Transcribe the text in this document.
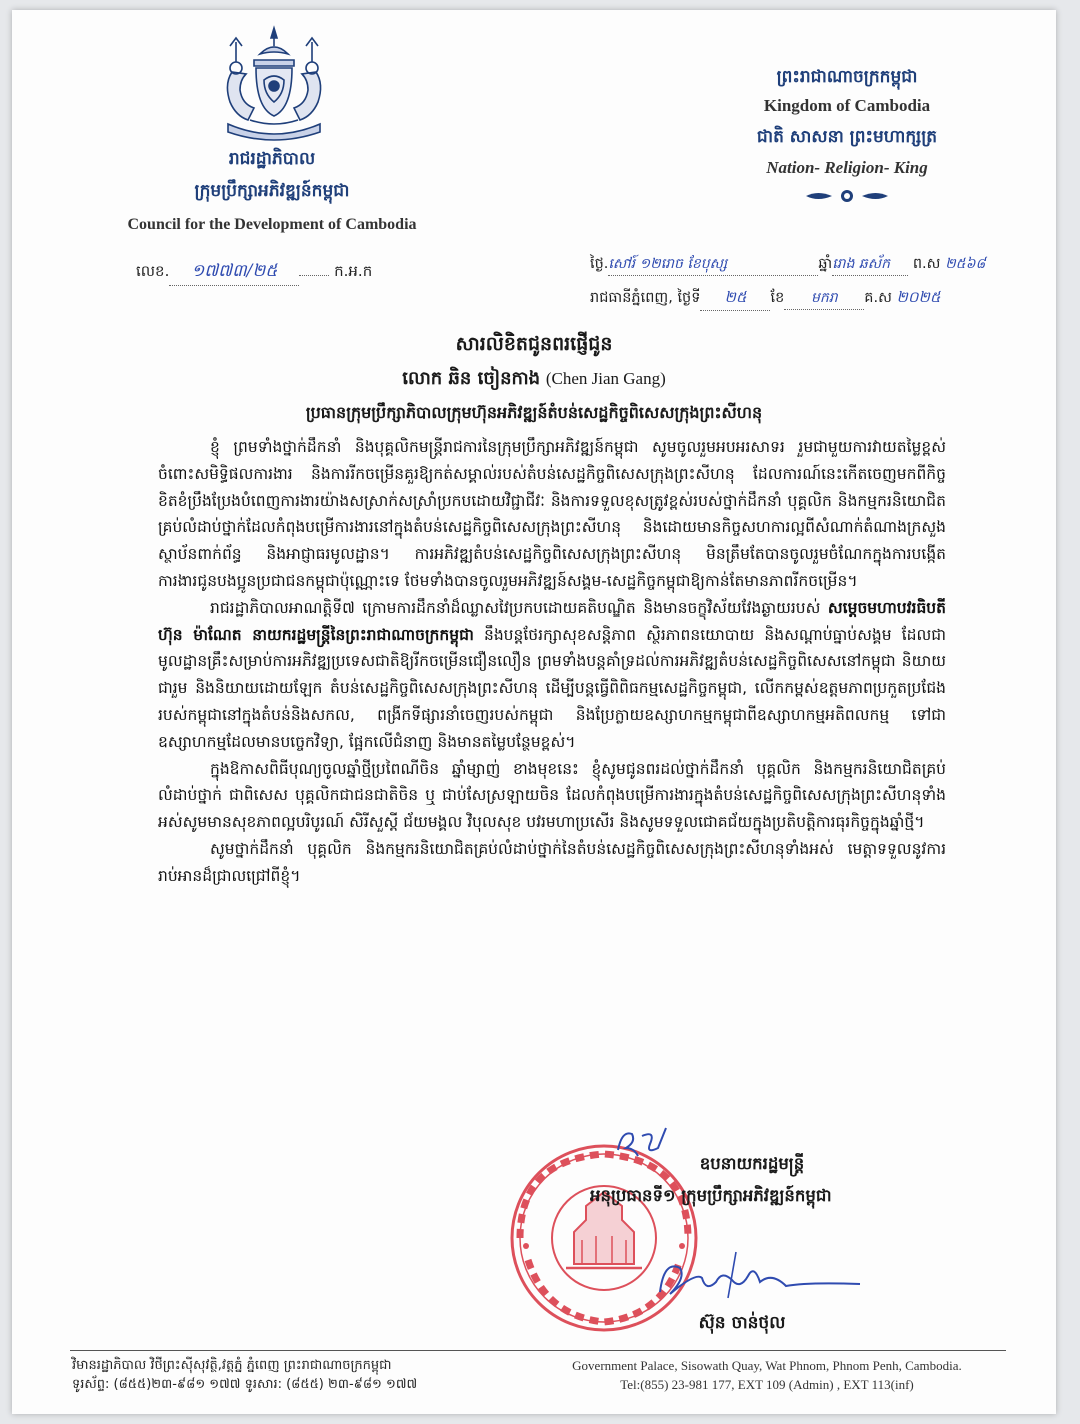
រាជរដ្ឋាភិបាល
ក្រុមប្រឹក្សាអភិវឌ្ឍន៍កម្ពុជា
Council for the Development of Cambodia
លេខ. ១៧៧៣/២៥	ក.អ.ក
ព្រះរាជាណាចក្រកម្ពុជា
Kingdom of Cambodia
ជាតិ សាសនា ព្រះមហាក្សត្រ
Nation- Religion- King
ថ្ងៃ.សៅរ៍ ១២រោច ខែបុស្ស	ឆ្នាំរោង ឆស័ក ព.ស ២៥៦៨
រាជធានីភ្នំពេញ, ថ្ងៃទី ២៥ ខែ មករា គ.ស ២០២៥
សារលិខិតជូនពរផ្ញើជូន
លោក ឆិន ចៀនកាង (Chen Jian Gang)
ប្រធានក្រុមប្រឹក្សាភិបាលក្រុមហ៊ុនអភិវឌ្ឍន៍តំបន់សេដ្ឋកិច្ចពិសេសក្រុងព្រះសីហនុ

ខ្ញុំ ព្រមទាំងថ្នាក់ដឹកនាំ និងបុគ្គលិកមន្ត្រីរាជការនៃក្រុមប្រឹក្សាអភិវឌ្ឍន៍កម្ពុជា សូមចូលរួមអបអរសាទរ រួមជាមួយការវាយតម្លៃខ្ពស់ចំពោះសមិទ្ធិផលការងារ និងការរីកចម្រើនគួរឱ្យកត់សម្គាល់របស់តំបន់សេដ្ឋកិច្ចពិសេសក្រុងព្រះសីហនុ ដែលការណ៍នេះកើតចេញមកពីកិច្ចខិតខំប្រឹងប្រែងបំពេញការងារយ៉ាងសស្រាក់សស្រាំប្រកបដោយវិជ្ជាជីវៈ និងការទទួលខុសត្រូវខ្ពស់របស់ថ្នាក់ដឹកនាំ បុគ្គលិក និងកម្មករនិយោជិតគ្រប់លំដាប់ថ្នាក់ដែលកំពុងបម្រើការងារនៅក្នុងតំបន់សេដ្ឋកិច្ចពិសេសក្រុងព្រះសីហនុ និងដោយមានកិច្ចសហការល្អពីសំណាក់តំណាងក្រសួង ស្ថាប័នពាក់ព័ន្ធ និងអាជ្ញាធរមូលដ្ឋាន។ ការអភិវឌ្ឍតំបន់សេដ្ឋកិច្ចពិសេសក្រុងព្រះសីហនុ មិនត្រឹមតែបានចូលរួមចំណែកក្នុងការបង្កើតការងារជូនបងប្អូនប្រជាជនកម្ពុជាប៉ុណ្ណោះទេ ថែមទាំងបានចូលរួមអភិវឌ្ឍន៍សង្គម-សេដ្ឋកិច្ចកម្ពុជាឱ្យកាន់តែមានភាពរីកចម្រើន។

រាជរដ្ឋាភិបាលអាណត្តិទី៧ ក្រោមការដឹកនាំដ៏ឈ្លាសវៃប្រកបដោយគតិបណ្ឌិត និងមានចក្ខុវិស័យវែងឆ្ងាយរបស់ សម្តេចមហាបវរធិបតី ហ៊ុន ម៉ាណែត នាយករដ្ឋមន្ត្រីនៃព្រះរាជាណាចក្រកម្ពុជា នឹងបន្តថែរក្សាសុខសន្តិភាព ស្ថិរភាពនយោបាយ និងសណ្តាប់ធ្នាប់សង្គម ដែលជាមូលដ្ឋានគ្រឹះសម្រាប់ការអភិវឌ្ឍប្រទេសជាតិឱ្យរីកចម្រើនជឿនលឿន ព្រមទាំងបន្តគាំទ្រដល់ការអភិវឌ្ឍតំបន់សេដ្ឋកិច្ចពិសេសនៅកម្ពុជា និយាយជារួម និងនិយាយដោយឡែក តំបន់សេដ្ឋកិច្ចពិសេសក្រុងព្រះសីហនុ ដើម្បីបន្តធ្វើពិពិធកម្មសេដ្ឋកិច្ចកម្ពុជា, លើកកម្ពស់ឧត្តមភាពប្រកួតប្រជែងរបស់កម្ពុជានៅក្នុងតំបន់និងសកល, ពង្រីកទីផ្សារនាំចេញរបស់កម្ពុជា និងប្រែក្លាយឧស្សាហកម្មកម្ពុជាពីឧស្សាហកម្មអតិពលកម្ម ទៅជាឧស្សាហកម្មដែលមានបច្ចេកវិទ្យា, ផ្អែកលើជំនាញ និងមានតម្លៃបន្ថែមខ្ពស់។

ក្នុងឱកាសពិធីបុណ្យចូលឆ្នាំថ្មីប្រពៃណីចិន ឆ្នាំម្សាញ់ ខាងមុខនេះ ខ្ញុំសូមជូនពរដល់ថ្នាក់ដឹកនាំ បុគ្គលិក និងកម្មករនិយោជិតគ្រប់លំដាប់ថ្នាក់ ជាពិសេស បុគ្គលិកជាជនជាតិចិន ឬ ជាប់សែស្រឡាយចិន ដែលកំពុងបម្រើការងារក្នុងតំបន់សេដ្ឋកិច្ចពិសេសក្រុងព្រះសីហនុទាំងអស់សូមមានសុខភាពល្អបរិបូរណ៍ សិរីសួស្តី ជ័យមង្គល វិបុលសុខ បវរមហាប្រសើរ និងសូមទទួលជោគជ័យក្នុងប្រតិបត្តិការធុរកិច្ចក្នុងឆ្នាំថ្មី។

សូមថ្នាក់ដឹកនាំ បុគ្គលិក និងកម្មករនិយោជិតគ្រប់លំដាប់ថ្នាក់នៃតំបន់សេដ្ឋកិច្ចពិសេសក្រុងព្រះសីហនុទាំងអស់ មេត្តាទទួលនូវការរាប់អានដ៏ជ្រាលជ្រៅពីខ្ញុំ។

ឧបនាយករដ្ឋមន្ត្រី
អនុប្រធានទី១ ក្រុមប្រឹក្សាអភិវឌ្ឍន៍កម្ពុជា
ស៊ុន ចាន់ថុល
វិមានរដ្ឋាភិបាល វិថីព្រះស៊ីសុវត្ថិ,វត្តភ្នំ ភ្នំពេញ ព្រះរាជាណាចក្រកម្ពុជា
ទូរស័ព្ទ: (៨៥៥)២៣-៩៨១ ១៧៧ ទូរសារ: (៨៥៥) ២៣-៩៨១ ១៧៧
Government Palace, Sisowath Quay, Wat Phnom, Phnom Penh, Cambodia.
Tel:(855) 23-981 177, EXT 109 (Admin) , EXT 113(inf)
